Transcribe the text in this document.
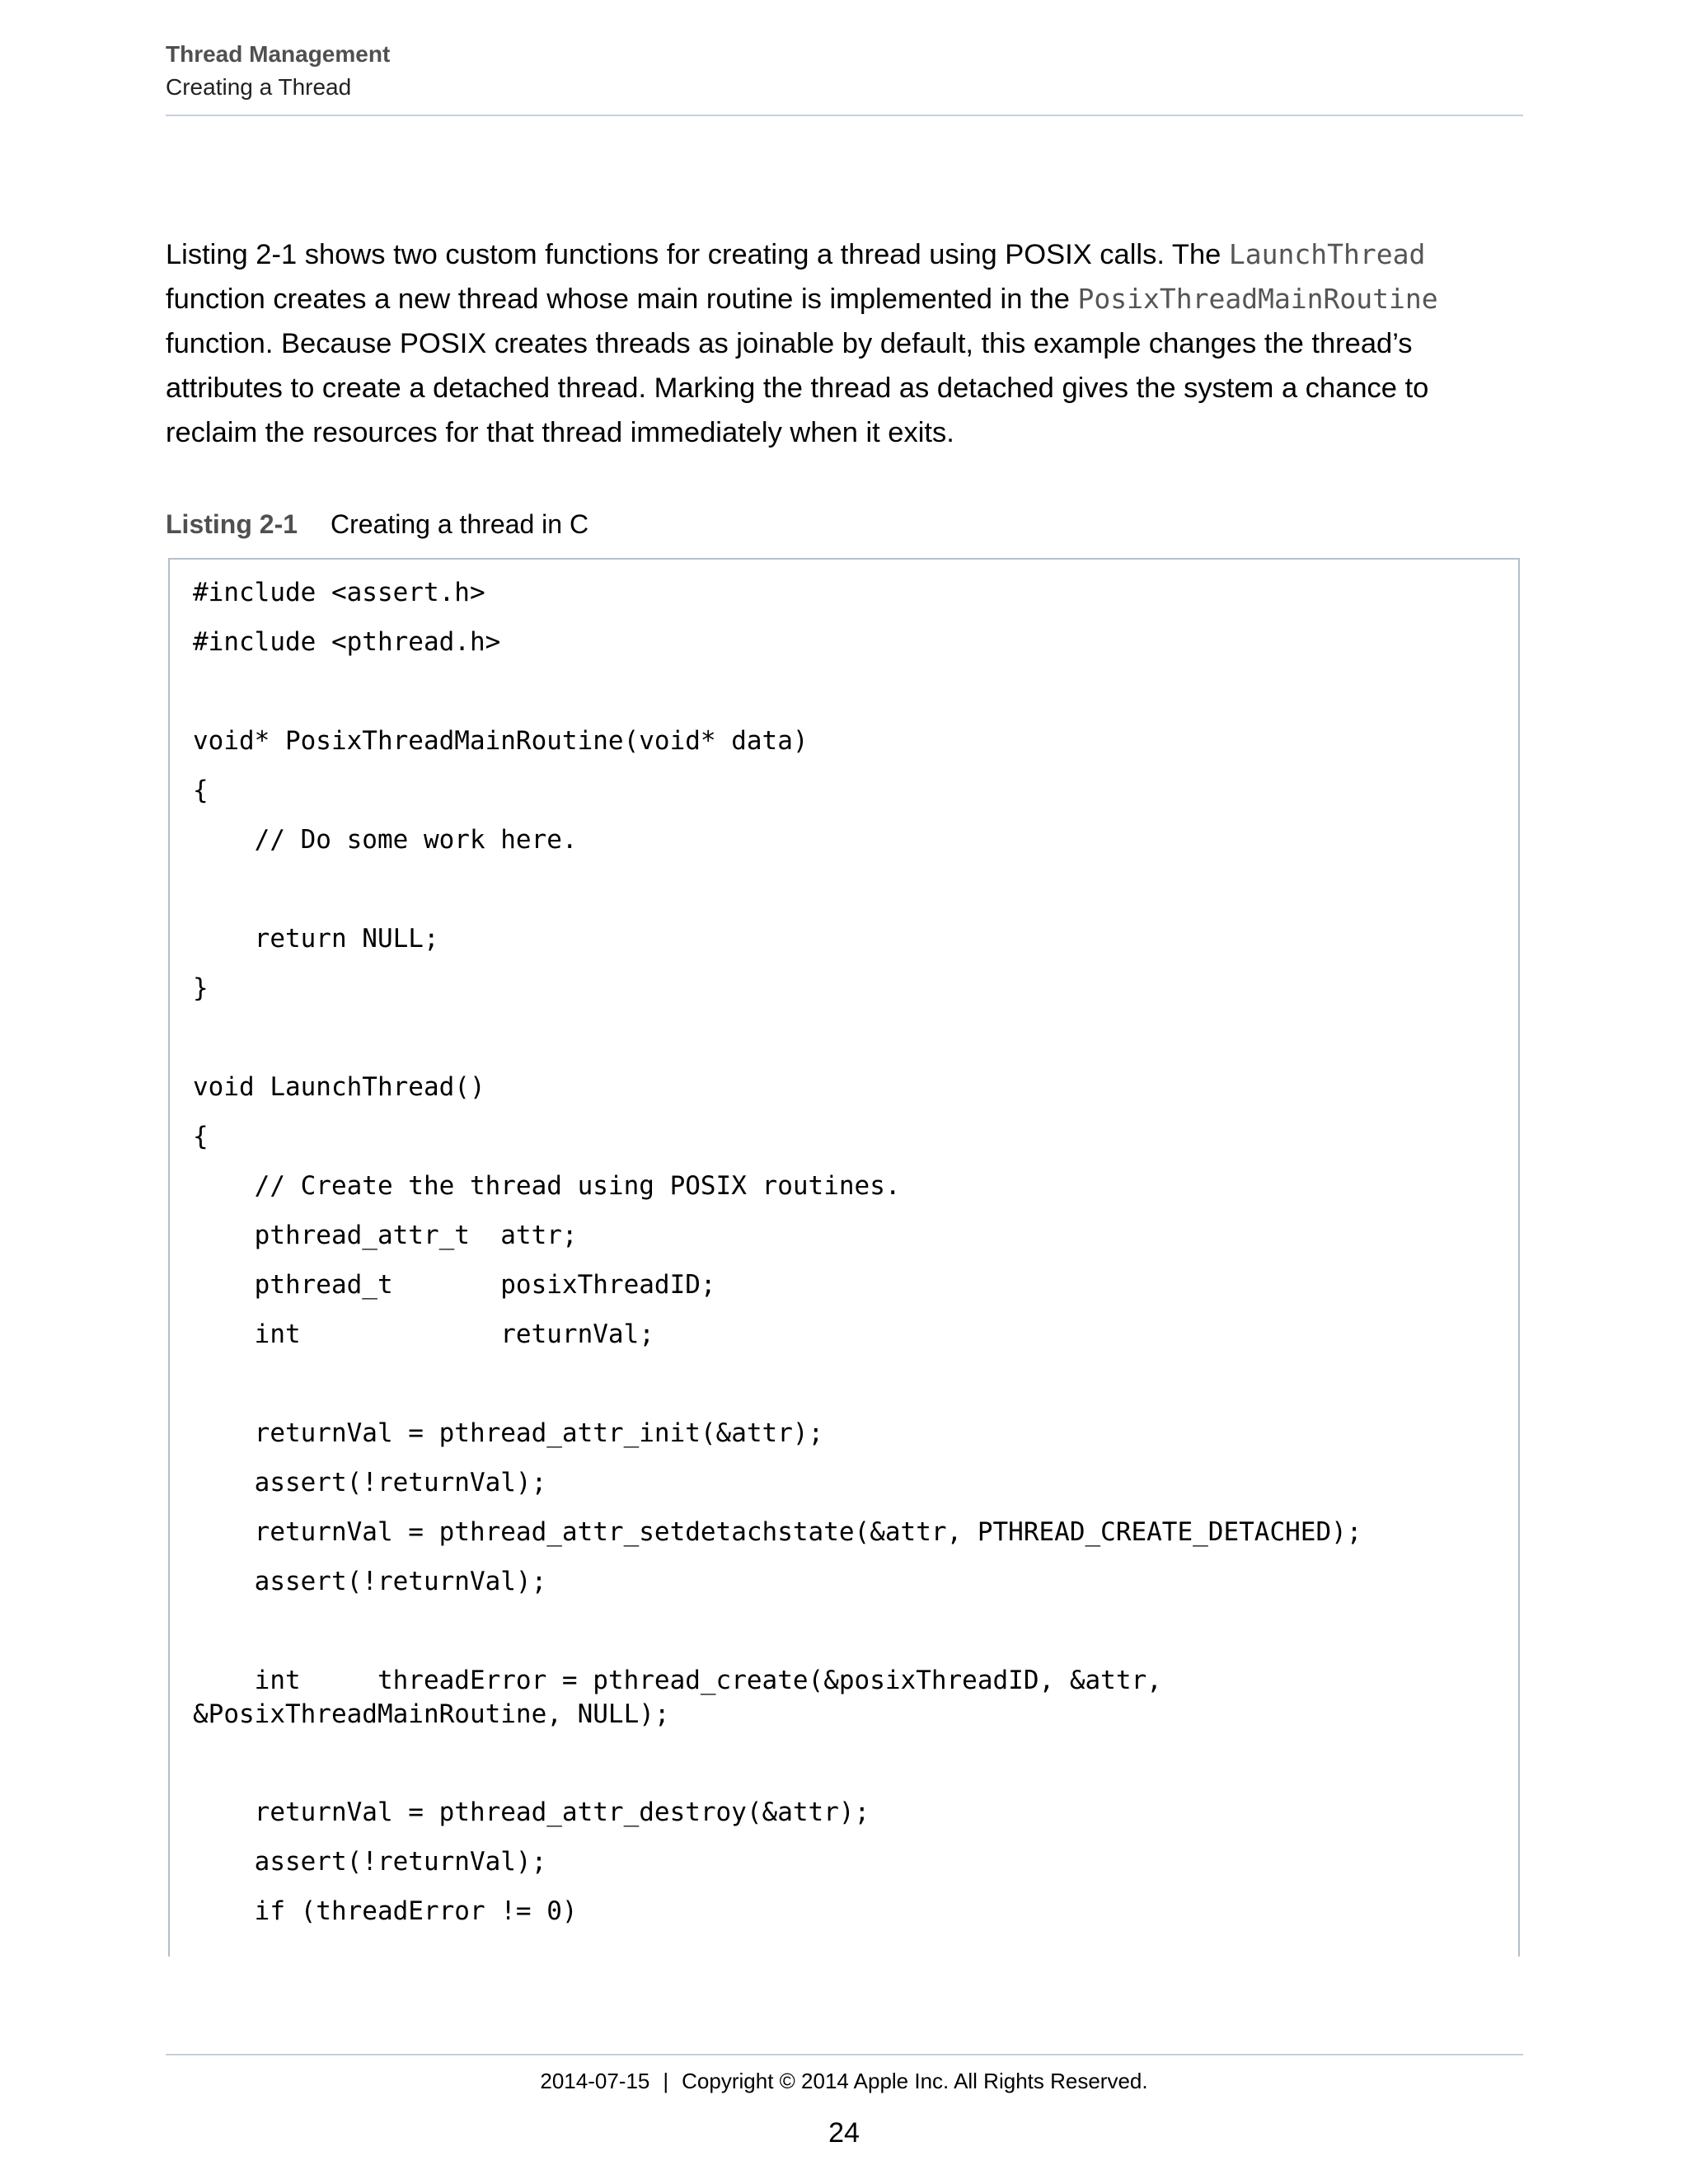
Thread Management
Creating a Thread
Listing 2-1 shows two custom functions for creating a thread using POSIX calls. The LaunchThread function creates a new thread whose main routine is implemented in the PosixThreadMainRoutine function. Because POSIX creates threads as joinable by default, this example changes the thread’s attributes to create a detached thread. Marking the thread as detached gives the system a chance to reclaim the resources for that thread immediately when it exits.
Listing 2-1 Creating a thread in C
#include <assert.h>
#include <pthread.h>
void* PosixThreadMainRoutine(void* data)
{
// Do some work here.
return NULL;
}
void LaunchThread()
{
// Create the thread using POSIX routines.
pthread_attr_t  attr;
pthread_t       posixThreadID;
int             returnVal;
returnVal = pthread_attr_init(&attr);
assert(!returnVal);
returnVal = pthread_attr_setdetachstate(&attr, PTHREAD_CREATE_DETACHED);
assert(!returnVal);
int     threadError = pthread_create(&posixThreadID, &attr,
&PosixThreadMainRoutine, NULL);
returnVal = pthread_attr_destroy(&attr);
assert(!returnVal);
if (threadError != 0)
2014-07-15 | Copyright © 2014 Apple Inc. All Rights Reserved.
24
